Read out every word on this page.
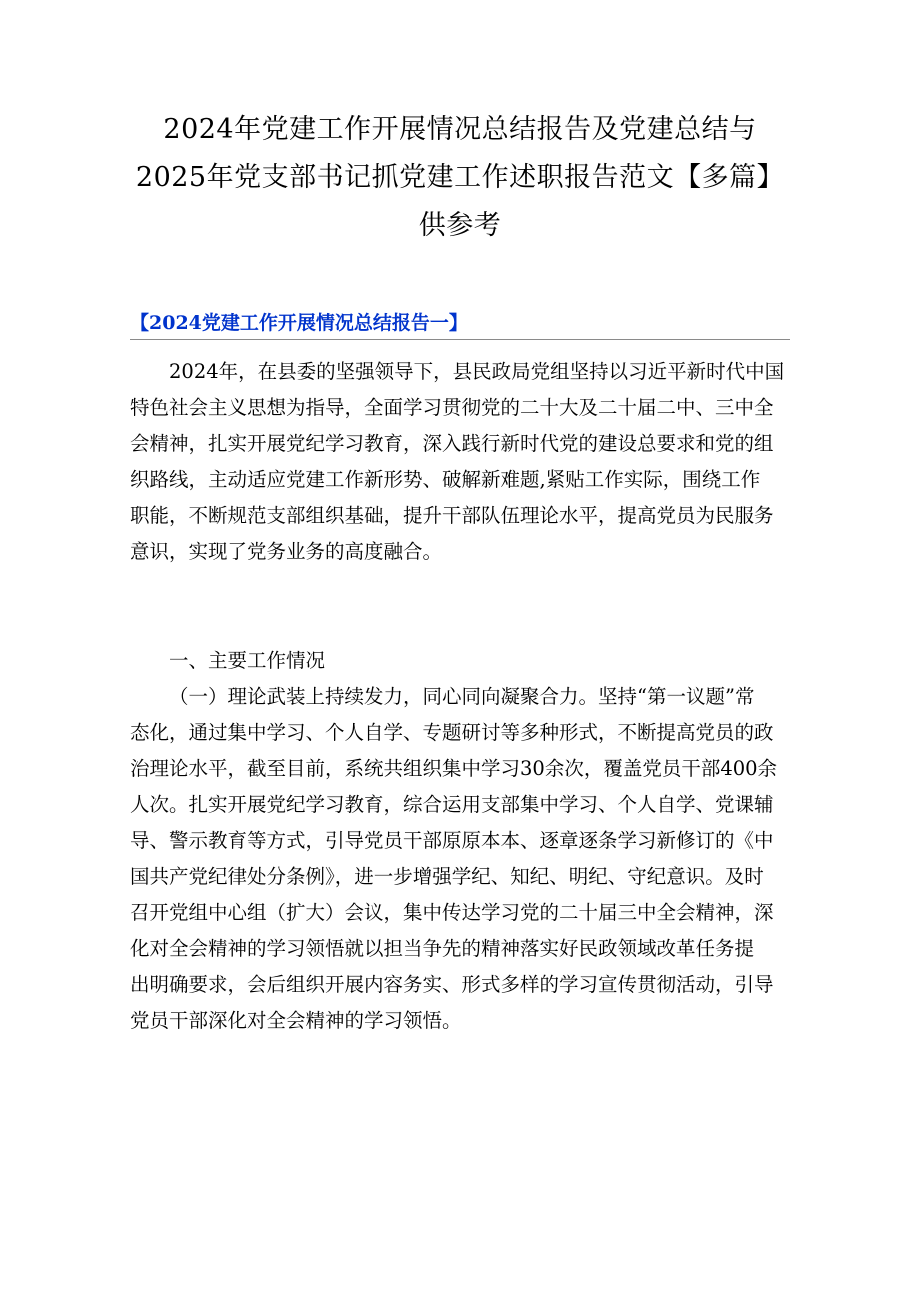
2024年党建工作开展情况总结报告及党建总结与
2025年党支部书记抓党建工作述职报告范文【多篇】
供参考
【2024党建工作开展情况总结报告一】

2024年，在县委的坚强领导下，县民政局党组坚持以习近平新时代中国
特色社会主义思想为指导，全面学习贯彻党的二十大及二十届二中、三中全
会精神，扎实开展党纪学习教育，深入践行新时代党的建设总要求和党的组
织路线，主动适应党建工作新形势、破解新难题,紧贴工作实际，围绕工作
职能，不断规范支部组织基础，提升干部队伍理论水平，提高党员为民服务
意识，实现了党务业务的高度融合。

一、主要工作情况

（一）理论武装上持续发力，同心同向凝聚合力。坚持“第一议题”常
态化，通过集中学习、个人自学、专题研讨等多种形式，不断提高党员的政
治理论水平，截至目前，系统共组织集中学习30余次，覆盖党员干部400余
人次。扎实开展党纪学习教育，综合运用支部集中学习、个人自学、党课辅
导、警示教育等方式，引导党员干部原原本本、逐章逐条学习新修订的《中
国共产党纪律处分条例》，进一步增强学纪、知纪、明纪、守纪意识。及时
召开党组中心组（扩大）会议，集中传达学习党的二十届三中全会精神，深
化对全会精神的学习领悟就以担当争先的精神落实好民政领域改革任务提
出明确要求，会后组织开展内容务实、形式多样的学习宣传贯彻活动，引导
党员干部深化对全会精神的学习领悟。
